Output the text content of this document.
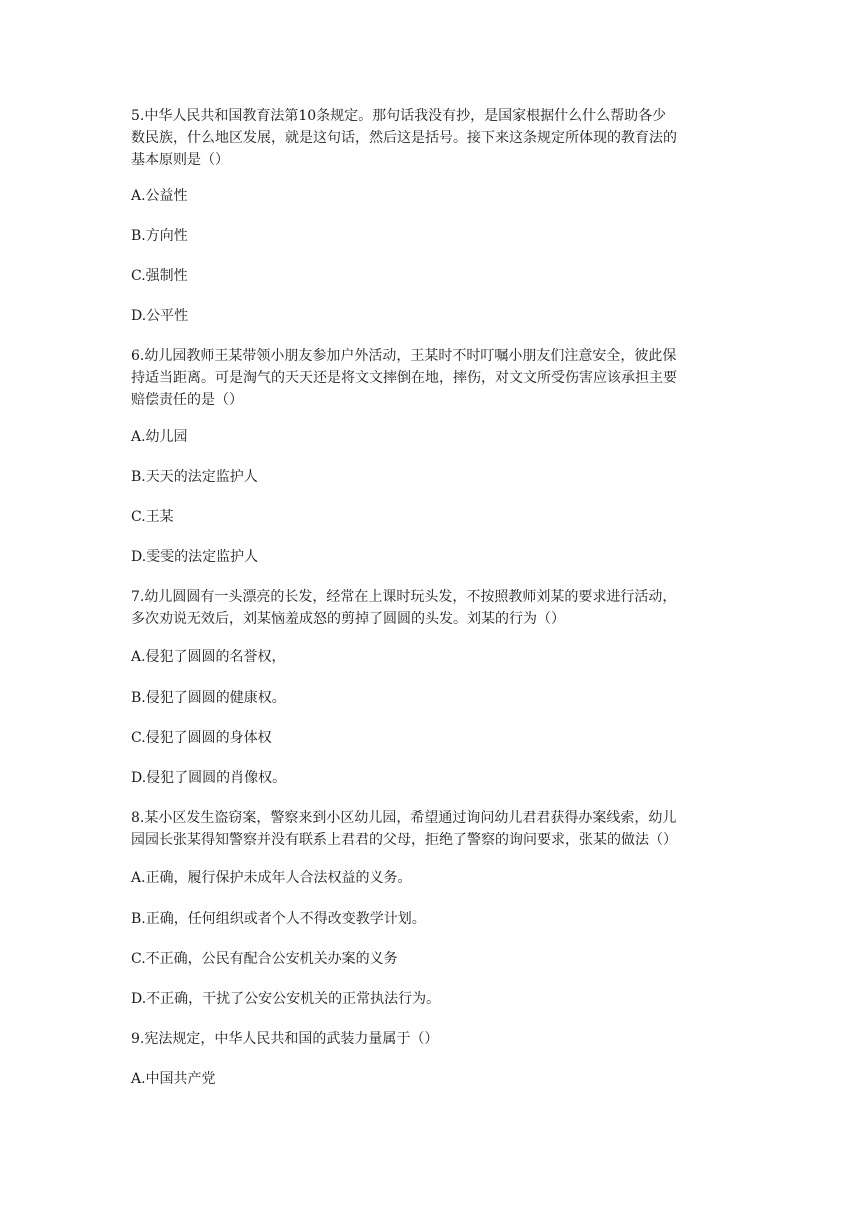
5.中华人民共和国教育法第10条规定。那句话我没有抄，是国家根据什么什么帮助各少
数民族，什么地区发展，就是这句话，然后这是括号。接下来这条规定所体现的教育法的
基本原则是（）
A.公益性
B.方向性
C.强制性
D.公平性
6.幼儿园教师王某带领小朋友参加户外活动，王某时不时叮嘱小朋友们注意安全，彼此保
持适当距离。可是淘气的天天还是将文文摔倒在地，摔伤，对文文所受伤害应该承担主要
赔偿责任的是（）
A.幼儿园
B.天天的法定监护人
C.王某
D.雯雯的法定监护人
7.幼儿圆圆有一头漂亮的长发，经常在上课时玩头发，不按照教师刘某的要求进行活动，
多次劝说无效后，刘某恼羞成怒的剪掉了圆圆的头发。刘某的行为（）
A.侵犯了圆圆的名誉权，
B.侵犯了圆圆的健康权。
C.侵犯了圆圆的身体权
D.侵犯了圆圆的肖像权。
8.某小区发生盗窃案，警察来到小区幼儿园，希望通过询问幼儿君君获得办案线索，幼儿
园园长张某得知警察并没有联系上君君的父母，拒绝了警察的询问要求，张某的做法（）
A.正确，履行保护未成年人合法权益的义务。
B.正确，任何组织或者个人不得改变教学计划。
C.不正确，公民有配合公安机关办案的义务
D.不正确，干扰了公安公安机关的正常执法行为。
9.宪法规定，中华人民共和国的武装力量属于（）
A.中国共产党
